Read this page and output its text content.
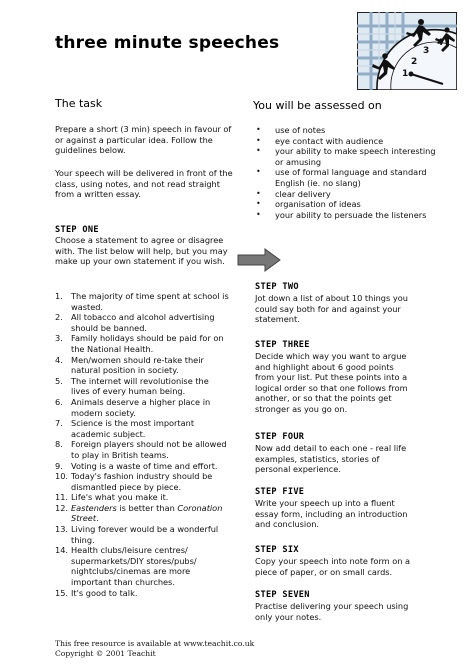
three minute speeches
1
2
3
4
The task
Prepare a short (3 min) speech in favour of or against a particular idea. Follow the guidelines below.
Your speech will be delivered in front of the class, using notes, and not read straight from a written essay.
You will be assessed on
• use of notes
• eye contact with audience
• your ability to make speech interesting or amusing
• use of formal language and standard English (ie. no slang)
• clear delivery
• organisation of ideas
• your ability to persuade the listeners
STEP ONE
Choose a statement to agree or disagree with. The list below will help, but you may make up your own statement if you wish.
1. The majority of time spent at school is wasted.
2. All tobacco and alcohol advertising should be banned.
3. Family holidays should be paid for on the National Health.
4. Men/women should re-take their natural position in society.
5. The internet will revolutionise the lives of every human being.
6. Animals deserve a higher place in modern society.
7. Science is the most important academic subject.
8. Foreign players should not be allowed to play in British teams.
9. Voting is a waste of time and effort.
10. Today's fashion industry should be dismantled piece by piece.
11. Life's what you make it.
12. Eastenders is better than Coronation Street.
13. Living forever would be a wonderful thing.
14. Health clubs/leisure centres/ supermarkets/DIY stores/pubs/ nightclubs/cinemas are more important than churches.
15. It's good to talk.
STEP TWO
Jot down a list of about 10 things you could say both for and against your statement.
STEP THREE
Decide which way you want to argue and highlight about 6 good points from your list. Put these points into a logical order so that one follows from another, or so that the points get stronger as you go on.
STEP FOUR
Now add detail to each one - real life examples, statistics, stories of personal experience.
STEP FIVE
Write your speech up into a fluent essay form, including an introduction and conclusion.
STEP SIX
Copy your speech into note form on a piece of paper, or on small cards.
STEP SEVEN
Practise delivering your speech using only your notes.
This free resource is available at www.teachit.co.uk
Copyright © 2001 Teachit
